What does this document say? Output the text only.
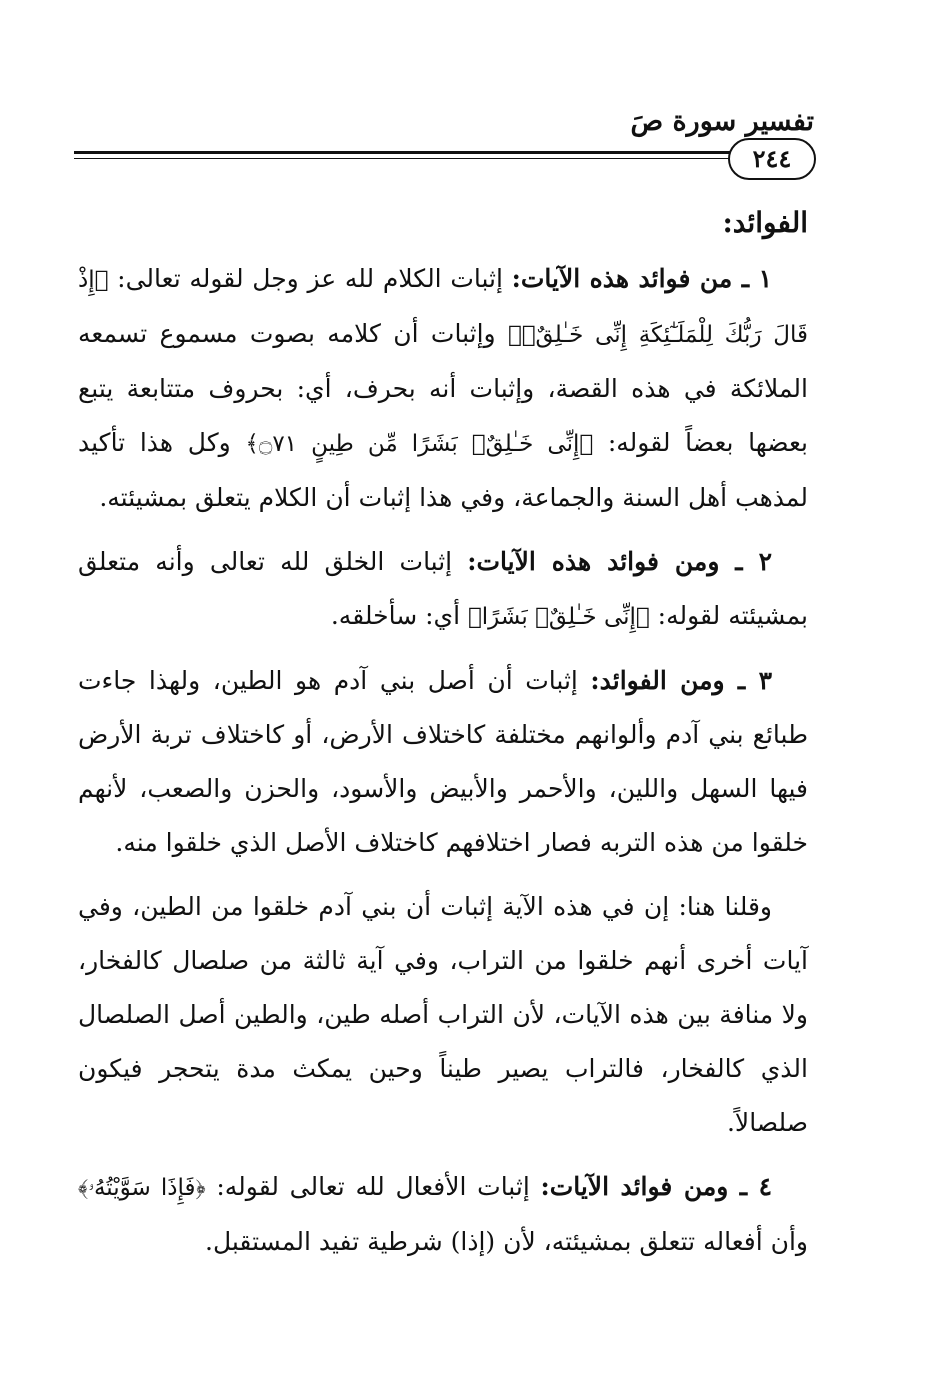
تفسير سورة صَ
٢٤٤
الفوائد:

١ ـ من فوائد هذه الآيات: إثبات الكلام لله عز وجل لقوله تعالى: ﴿إِذْ قَالَ رَبُّكَ لِلْمَلَـٰٓئِكَةِ إِنِّى خَـٰلِقٌۢ﴾ وإثبات أن كلامه بصوت مسموع تسمعه الملائكة في هذه القصة، وإثبات أنه بحرف، أي: بحروف متتابعة يتبع بعضها بعضاً لقوله: ﴿إِنِّى خَـٰلِقٌۢ بَشَرًا مِّن طِينٍ ۝٧١﴾ وكل هذا تأكيد لمذهب أهل السنة والجماعة، وفي هذا إثبات أن الكلام يتعلق بمشيئته.

٢ ـ ومن فوائد هذه الآيات: إثبات الخلق لله تعالى وأنه متعلق بمشيئته لقوله: ﴿إِنِّى خَـٰلِقٌۢ بَشَرًا﴾ أي: سأخلقه.

٣ ـ ومن الفوائد: إثبات أن أصل بني آدم هو الطين، ولهذا جاءت طبائع بني آدم وألوانهم مختلفة كاختلاف الأرض، أو كاختلاف تربة الأرض فيها السهل واللين، والأحمر والأبيض والأسود، والحزن والصعب، لأنهم خلقوا من هذه التربه فصار اختلافهم كاختلاف الأصل الذي خلقوا منه.

وقلنا هنا: إن في هذه الآية إثبات أن بني آدم خلقوا من الطين، وفي آيات أخرى أنهم خلقوا من التراب، وفي آية ثالثة من صلصال كالفخار، ولا منافة بين هذه الآيات، لأن التراب أصله طين، والطين أصل الصلصال الذي كالفخار، فالتراب يصير طيناً وحين يمكث مدة يتحجر فيكون صلصالاً.

٤ ـ ومن فوائد الآيات: إثبات الأفعال لله تعالى لقوله: ﴿فَإِذَا سَوَّيْتُهُۥ﴾ وأن أفعاله تتعلق بمشيئته، لأن (إذا) شرطية تفيد المستقبل.
